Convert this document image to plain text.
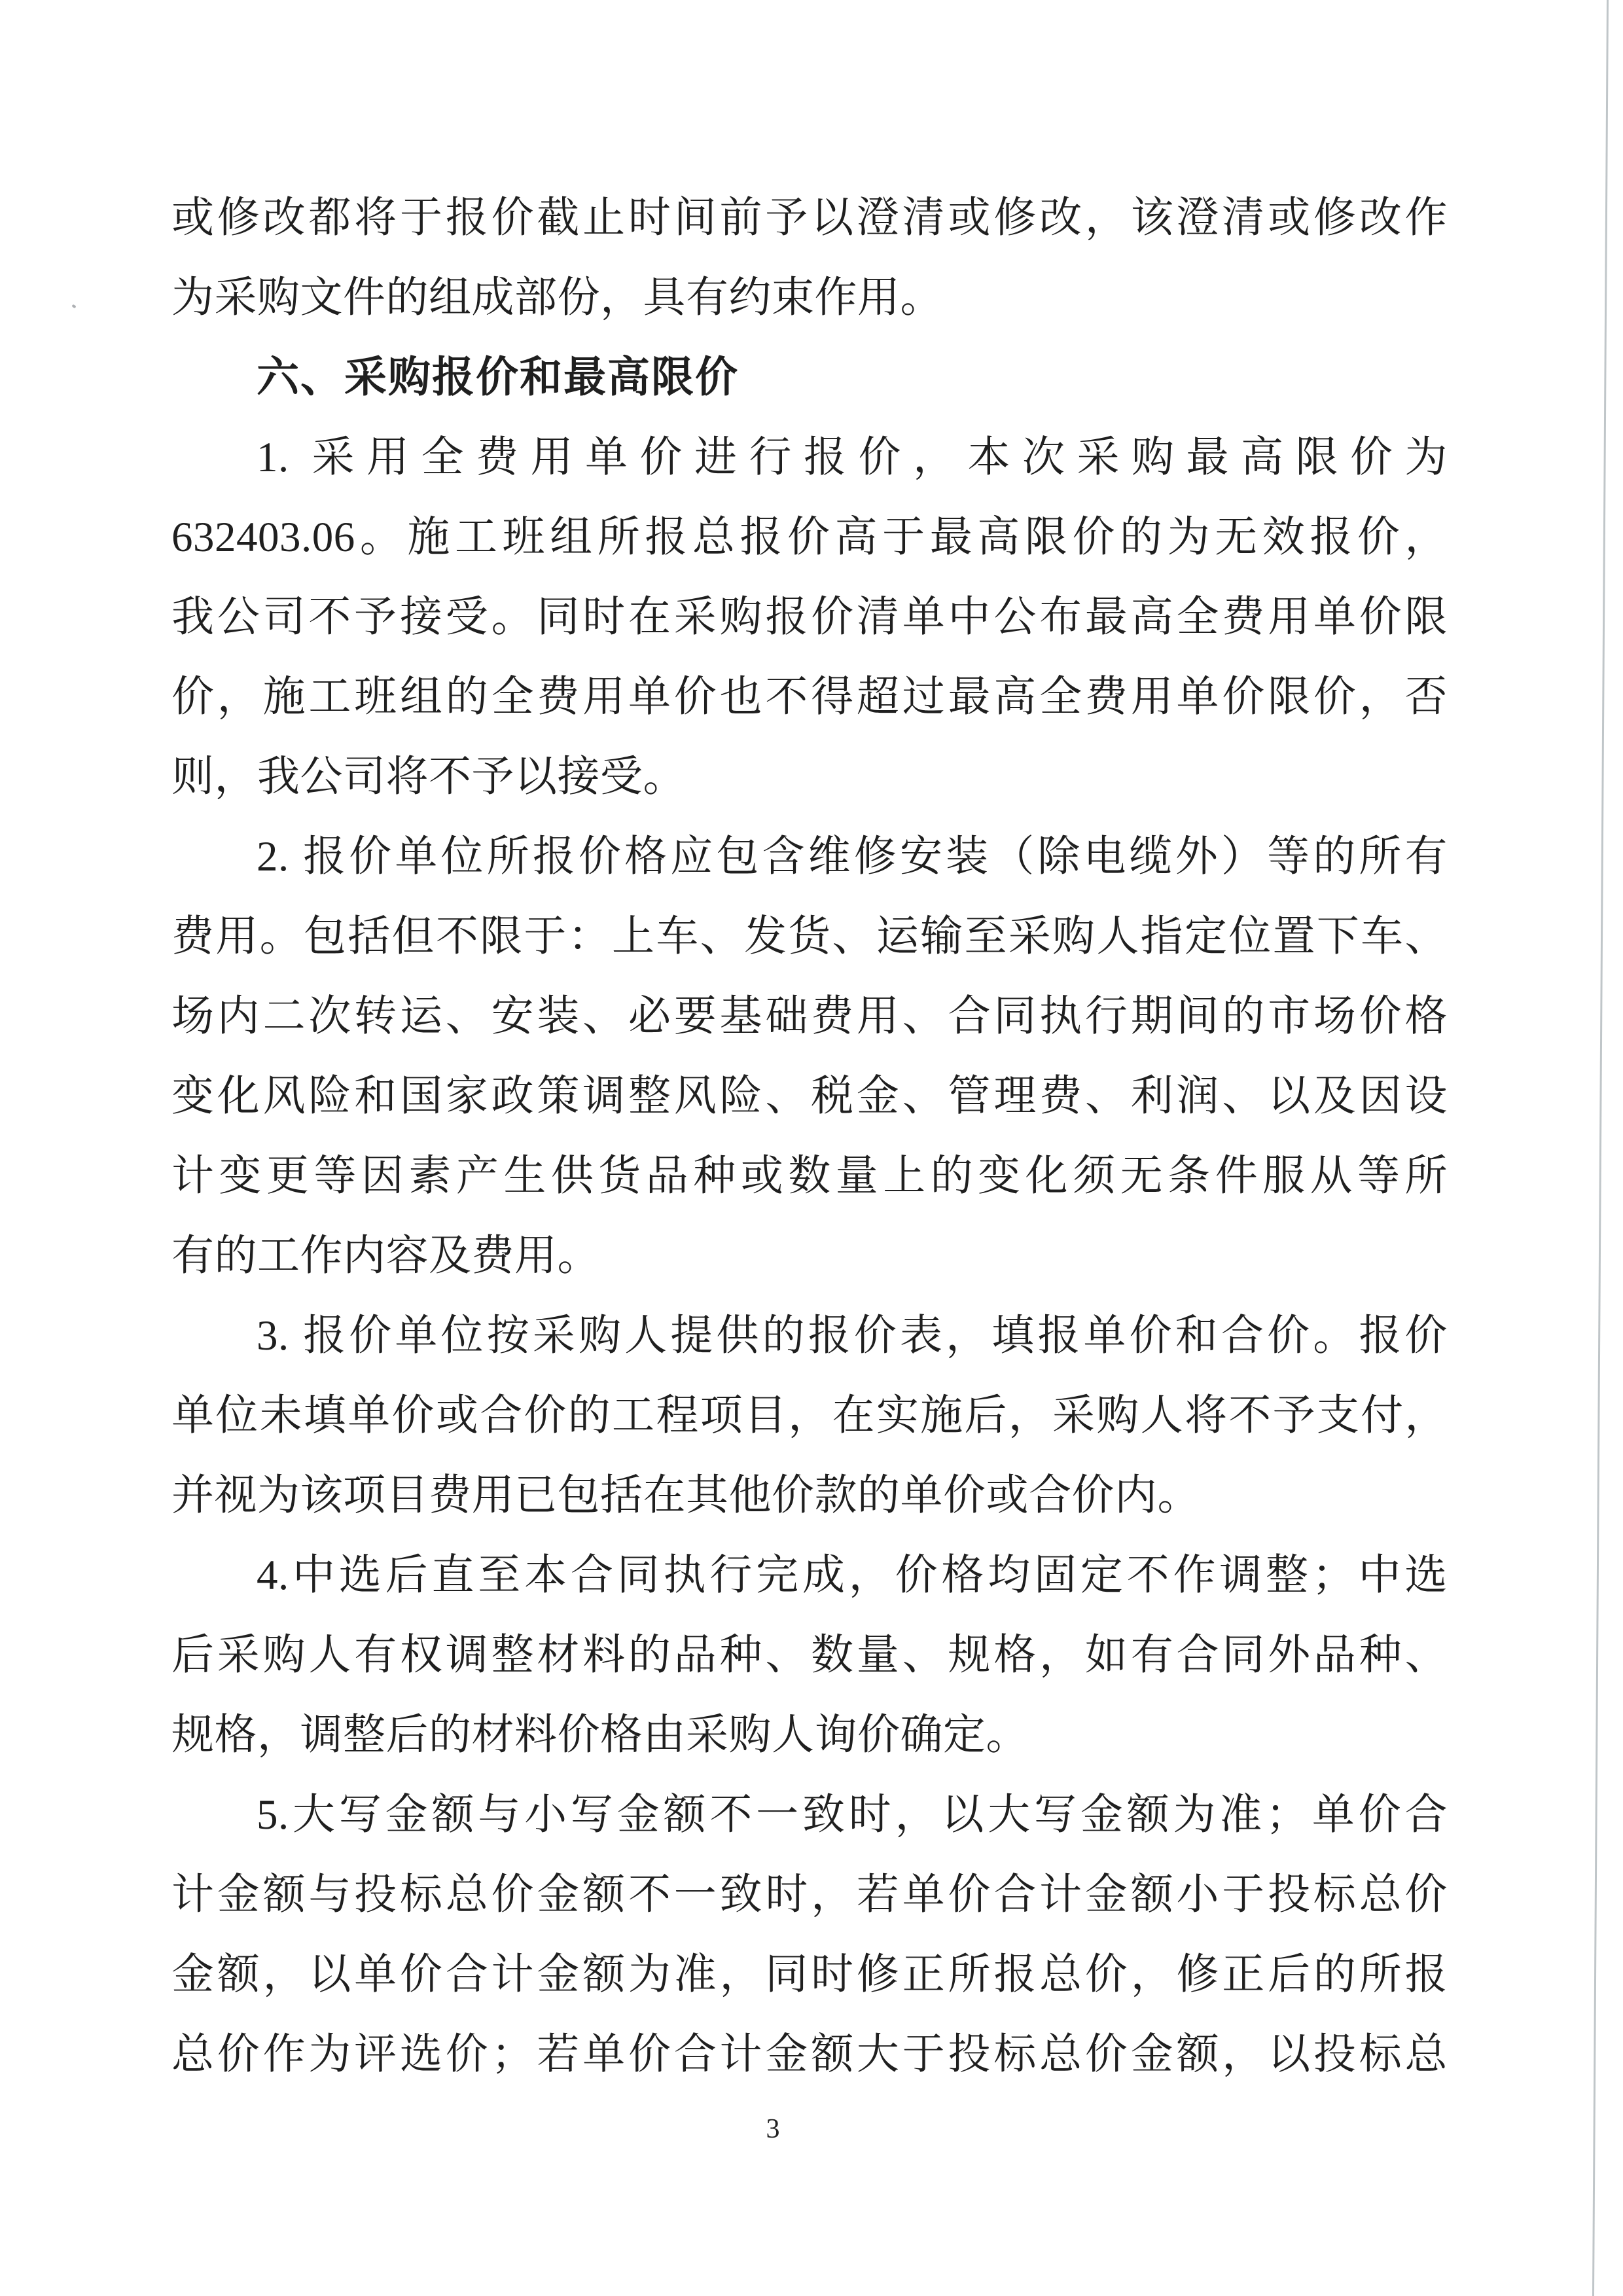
或修改都将于报价截止时间前予以澄清或修改，该澄清或修改作
为采购文件的组成部份，具有约束作用。
六、采购报价和最高限价
1. 采用全费用单价进行报价，本次采购最高限价为
632403.06。施工班组所报总报价高于最高限价的为无效报价，
我公司不予接受。同时在采购报价清单中公布最高全费用单价限
价，施工班组的全费用单价也不得超过最高全费用单价限价，否
则，我公司将不予以接受。
2. 报价单位所报价格应包含维修安装（除电缆外）等的所有
费用。包括但不限于：上车、发货、运输至采购人指定位置下车、
场内二次转运、安装、必要基础费用、合同执行期间的市场价格
变化风险和国家政策调整风险、税金、管理费、利润、以及因设
计变更等因素产生供货品种或数量上的变化须无条件服从等所
有的工作内容及费用。
3. 报价单位按采购人提供的报价表，填报单价和合价。报价
单位未填单价或合价的工程项目，在实施后，采购人将不予支付，
并视为该项目费用已包括在其他价款的单价或合价内。
4.中选后直至本合同执行完成，价格均固定不作调整；中选
后采购人有权调整材料的品种、数量、规格，如有合同外品种、
规格，调整后的材料价格由采购人询价确定。
5.大写金额与小写金额不一致时，以大写金额为准；单价合
计金额与投标总价金额不一致时，若单价合计金额小于投标总价
金额，以单价合计金额为准，同时修正所报总价，修正后的所报
总价作为评选价；若单价合计金额大于投标总价金额，以投标总
3
